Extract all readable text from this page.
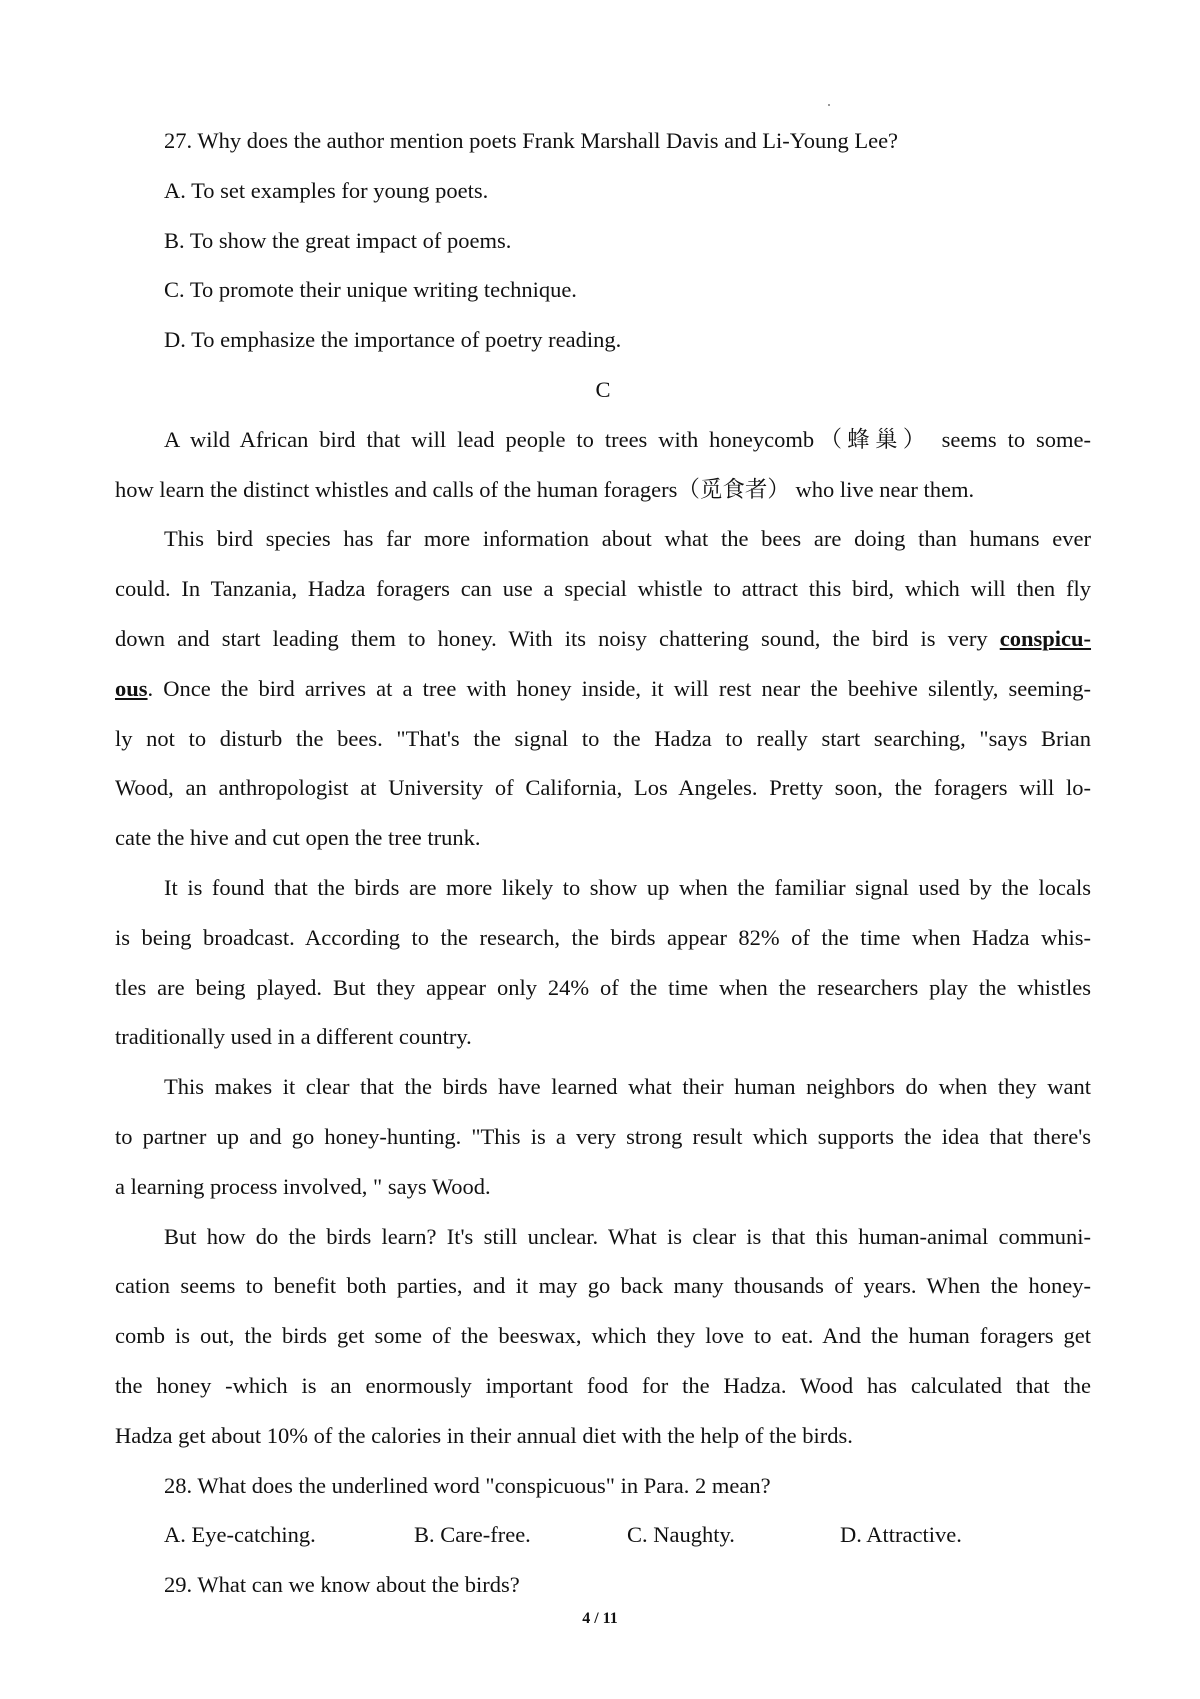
27. Why does the author mention poets Frank Marshall Davis and Li-Young Lee?
A. To set examples for young poets.
B. To show the great impact of poems.
C. To promote their unique writing technique.
D. To emphasize the importance of poetry reading.
C
A wild African bird that will lead people to trees with honeycomb（蜂巢） seems to some-
how learn the distinct whistles and calls of the human foragers（觅食者） who live near them.
This bird species has far more information about what the bees are doing than humans ever
could. In Tanzania, Hadza foragers can use a special whistle to attract this bird, which will then fly
down and start leading them to honey. With its noisy chattering sound, the bird is very conspicu-
ous. Once the bird arrives at a tree with honey inside, it will rest near the beehive silently, seeming-
ly not to disturb the bees. "That's the signal to the Hadza to really start searching, "says Brian
Wood, an anthropologist at University of California, Los Angeles. Pretty soon, the foragers will lo-
cate the hive and cut open the tree trunk.
It is found that the birds are more likely to show up when the familiar signal used by the locals
is being broadcast. According to the research, the birds appear 82% of the time when Hadza whis-
tles are being played. But they appear only 24% of the time when the researchers play the whistles
traditionally used in a different country.
This makes it clear that the birds have learned what their human neighbors do when they want
to partner up and go honey-hunting. "This is a very strong result which supports the idea that there's
a learning process involved, " says Wood.
But how do the birds learn? It's still unclear. What is clear is that this human-animal communi-
cation seems to benefit both parties, and it may go back many thousands of years. When the honey-
comb is out, the birds get some of the beeswax, which they love to eat. And the human foragers get
the honey -which is an enormously important food for the Hadza. Wood has calculated that the
Hadza get about 10% of the calories in their annual diet with the help of the birds.
28. What does the underlined word "conspicuous" in Para. 2 mean?
A. Eye-catching.	B. Care-free.	C. Naughty.	D. Attractive.
29. What can we know about the birds?
4 / 11
